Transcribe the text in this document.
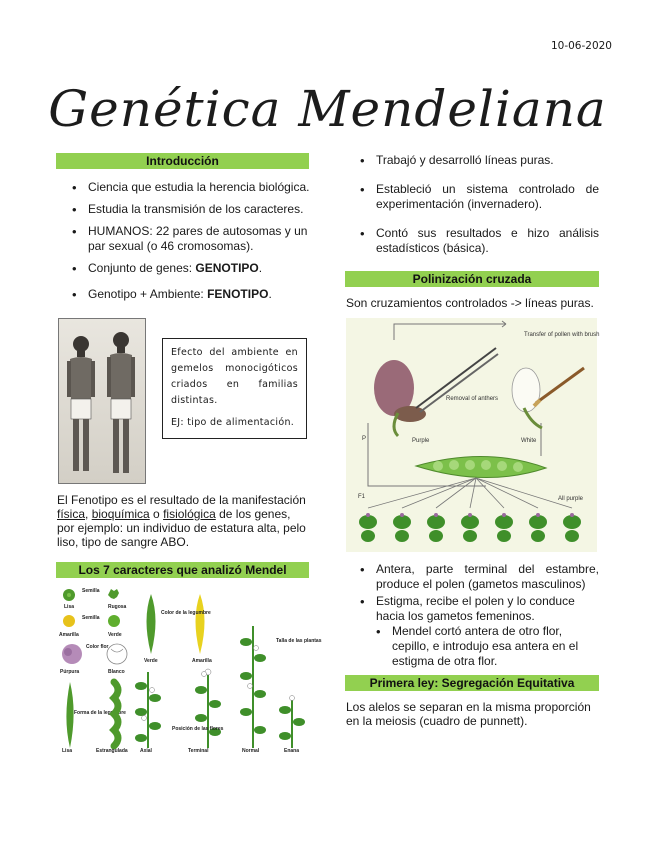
10-06-2020
Genética Mendeliana
Introducción
• Ciencia que estudia la herencia biológica.
• Estudia la transmisión de los caracteres.
• HUMANOS: 22 pares de autosomas y un par sexual (o 46 cromosomas).
• Conjunto de genes: GENOTIPO.
• Genotipo + Ambiente: FENOTIPO.

Efecto del ambiente en gemelos monocigóticos criados en familias distintas.

EJ: tipo de alimentación.

El Fenotipo es el resultado de la manifestación física, bioquímica o fisiológica de los genes, por ejemplo: un individuo de estatura alta, pelo liso, tipo de sangre ABO.
Los 7 caracteres que analizó Mendel
Semilla
Lisa	Rugosa
Semilla
Amarilla	Verde
Color flor
Púrpura	Blanco
Forma de la legumbre
Lisa	Estrangulada
Color de la legumbre
Verde	Amarilla
Posición de las flores
Axial	Terminal
Talla de las plantas
Normal	Enana
• Trabajó y desarrolló líneas puras.
• Estableció un sistema controlado de experimentación (invernadero).
• Contó sus resultados e hizo análisis estadísticos (básica).
Polinización cruzada
Son cruzamientos controlados -> líneas puras.
Transfer of pollen with brush
Removal of anthers
P	Purple	White
F1	All purple
• Antera, parte terminal del estambre, produce el polen (gametos masculinos)
• Estigma, recibe el polen y lo conduce hacia los gametos femeninos.
• Mendel cortó antera de otro flor, cepillo, e introdujo esa antera en el estigma de otra flor.
Primera ley: Segregación Equitativa
Los alelos se separan en la misma proporción en la meiosis (cuadro de punnett).
